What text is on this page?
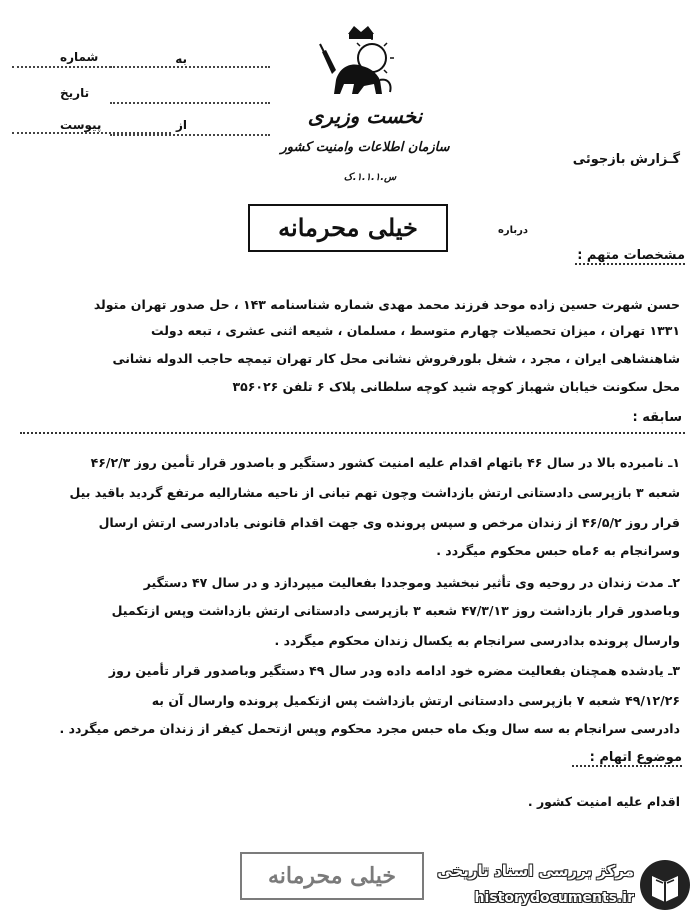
به
از
شماره
تاریخ
پیوست	نخست وزیری
سازمان اطلاعات وامنیت کشور
س.۱.۱.۱.ک
گـزارش بازجوئی
خیلی محرمانه	درباره
مشخصات متهم :
حسن شهرت حسین زاده موحد فرزند محمد مهدی شماره شناسنامه ۱۴۳ ، حل صدور تهران متولد
۱۳۳۱ تهران ، میزان تحصیلات چهارم متوسط ، مسلمان ، شیعه اثنی عشری ، تبعه دولت
شاهنشاهی ایران ، مجرد ، شغل بلورفروش نشانی محل کار تهران تیمچه حاجب الدوله نشانی
محل سکونت خیابان شهباز کوچه شید کوچه سلطانی پلاک ۶ تلفن ۳۵۶۰۲۶
سابقه :
۱ـ نامبرده بالا در سال ۴۶ باتهام اقدام علیه امنیت کشور دستگیر و باصدور قرار تأمین روز ۴۶/۲/۳
شعبه ۳ بازپرسی دادستانی ارتش بازداشت وچون تهم تبانی از ناحیه مشارالیه مرتفع گردید باقید بیل
قرار روز ۴۶/۵/۲ از زندان مرخص و سپس پرونده وی جهت اقدام قانونی بادادرسی ارتش ارسال
وسرانجام به ۶ماه حبس محکوم میگردد .
۲ـ مدت زندان در روحیه وی تأثیر نبخشید وموجددا بفعالیت میپردازد و در سال ۴۷ دستگیر
وباصدور قرار بازداشت روز ۴۷/۳/۱۳ شعبه ۳ بازپرسی دادستانی ارتش بازداشت وپس ازتکمیل
وارسال پرونده بدادرسی سرانجام به یکسال زندان محکوم میگردد .
۳ـ یادشده همچنان بفعالیت مضره خود ادامه داده ودر سال ۴۹ دستگیر وباصدور قرار تأمین روز
۴۹/۱۲/۲۶ شعبه ۷ بازپرسی دادستانی ارتش بازداشت پس ازتکمیل پرونده وارسال آن به
دادرسی سرانجام به سه سال ویک ماه حبس مجرد محکوم وپس ازتحمل کیفر از زندان مرخص میگردد .
موضوع اتهام :
اقدام علیه امنیت کشور .
خیلی محرمانه	مرکز بررسی اسناد تاریخی
historydocuments.ir
